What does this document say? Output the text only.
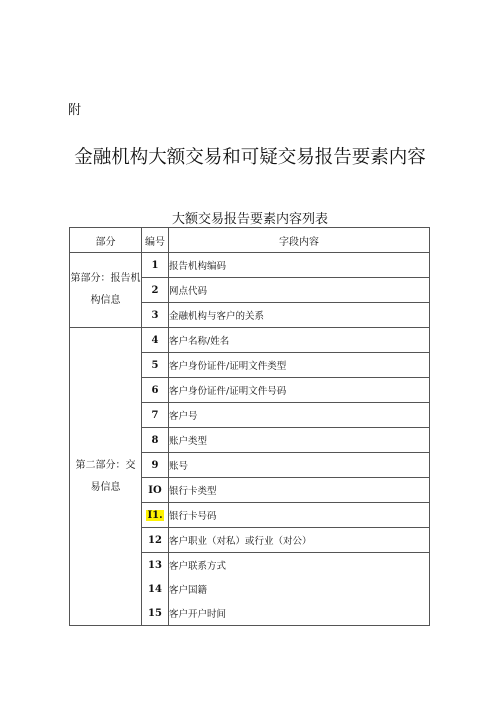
附
金融机构大额交易和可疑交易报告要素内容
大额交易报告要素内容列表
部分	编号	字段内容

第部分：报告机
构信息	1	报告机构编码
	2	网点代码
	3	金融机构与客户的关系

第二部分：交
易信息	4	客户名称/姓名
	5	客户身份证件/证明文件类型
	6	客户身份证件/证明文件号码
	7	客户号
	8	账户类型
	9	账号
	IO	银行卡类型
	I1.	银行卡号码
	12	客户职业（对私）或行业（对公）
	13	客户联系方式
	14	客户国籍
	15	客户开户时间
